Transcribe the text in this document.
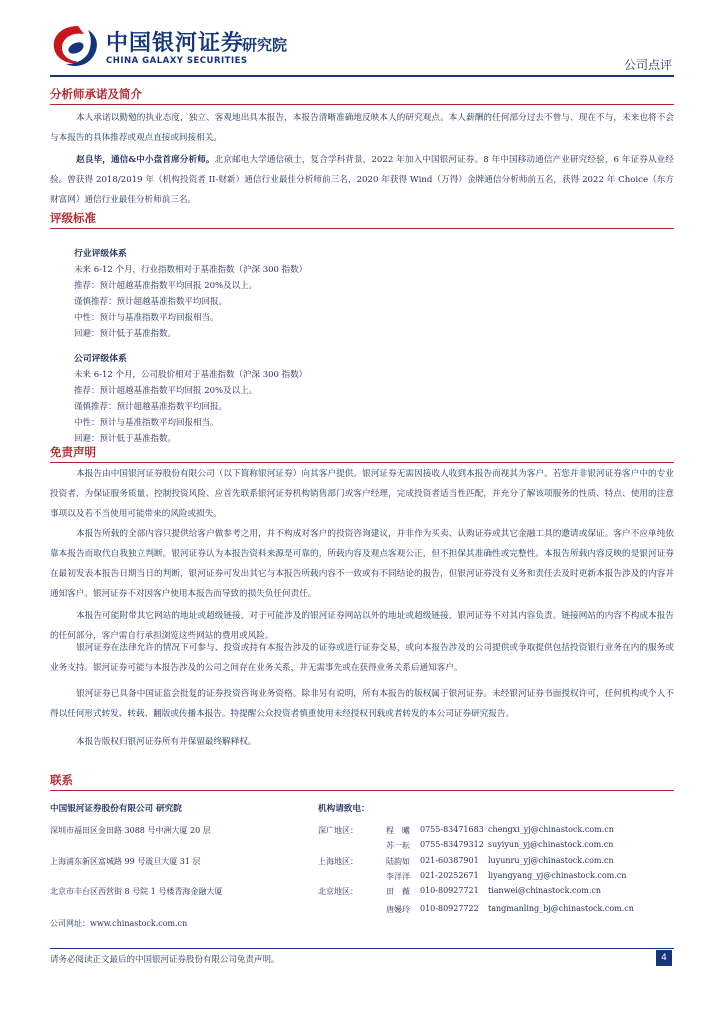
中国银河证券
CHINA GALAXY SECURITIES
研究院
公司点评
分析师承诺及简介
本人承诺以勤勉的执业态度，独立、客观地出具本报告，本报告清晰准确地反映本人的研究观点。本人薪酬的任何部分过去不曾与、现在不与，未来也将不会与本报告的具体推荐或观点直接或间接相关。
赵良毕，通信&中小盘首席分析师。北京邮电大学通信硕士，复合学科背景，2022 年加入中国银河证券。8 年中国移动通信产业研究经验，6 年证券从业经验。曾获得 2018/2019 年（机构投资者 II-财新）通信行业最佳分析师前三名，2020 年获得 Wind（万得）金牌通信分析师前五名，获得 2022 年 Choice（东方财富网）通信行业最佳分析师前三名。
评级标准
行业评级体系
未来 6-12 个月，行业指数相对于基准指数（沪深 300 指数）
推荐：预计超越基准指数平均回报 20%及以上。
谨慎推荐：预计超越基准指数平均回报。
中性：预计与基准指数平均回报相当。
回避：预计低于基准指数。
公司评级体系
未来 6-12 个月，公司股价相对于基准指数（沪深 300 指数）
推荐：预计超越基准指数平均回报 20%及以上。
谨慎推荐：预计超越基准指数平均回报。
中性：预计与基准指数平均回报相当。
回避：预计低于基准指数。
免责声明
本报告由中国银河证券股份有限公司（以下简称银河证券）向其客户提供。银河证券无需因接收人收到本报告而视其为客户。若您并非银河证券客户中的专业投资者，为保证服务质量、控制投资风险、应首先联系银河证券机构销售部门或客户经理，完成投资者适当性匹配，并充分了解该项服务的性质、特点、使用的注意事项以及若不当使用可能带来的风险或损失。
本报告所载的全部内容只提供给客户做参考之用，并不构成对客户的投资咨询建议，并非作为买卖、认购证券或其它金融工具的邀请或保证。客户不应单纯依靠本报告而取代自我独立判断。银河证券认为本报告资料来源是可靠的，所载内容及观点客观公正，但不担保其准确性或完整性。本报告所载内容反映的是银河证券在最初发表本报告日期当日的判断，银河证券可发出其它与本报告所载内容不一致或有不同结论的报告，但银河证券没有义务和责任去及时更新本报告涉及的内容并通知客户。银河证券不对因客户使用本报告而导致的损失负任何责任。
本报告可能附带其它网站的地址或超级链接，对于可能涉及的银河证券网站以外的地址或超级链接，银河证券不对其内容负责。链接网站的内容不构成本报告的任何部分，客户需自行承担浏览这些网站的费用或风险。
银河证券在法律允许的情况下可参与、投资或持有本报告涉及的证券或进行证券交易，或向本报告涉及的公司提供或争取提供包括投资银行业务在内的服务或业务支持。银河证券可能与本报告涉及的公司之间存在业务关系，并无需事先或在获得业务关系后通知客户。
银河证券已具备中国证监会批复的证券投资咨询业务资格。除非另有说明，所有本报告的版权属于银河证券。未经银河证券书面授权许可，任何机构或个人不得以任何形式转发、转载、翻版或传播本报告。特提醒公众投资者慎重使用未经授权刊载或者转发的本公司证券研究报告。
本报告版权归银河证券所有并保留最终解释权。
联系
中国银河证券股份有限公司 研究院	机构请致电：
深圳市福田区金田路 3088 号中洲大厦 20 层
上海浦东新区富城路 99 号震旦大厦 31 层
北京市丰台区西营街 8 号院 1 号楼青海金融大厦
深广地区：
上海地区：
北京地区：
程　曦 0755-83471683 chengxi_yj@chinastock.com.cn
苏一耘 0755-83479312 suyiyun_yj@chinastock.com.cn
陆韵如 021-60387901 luyunru_yj@chinastock.com.cn
李洋洋 021-20252671 liyangyang_yj@chinastock.com.cn
田　薇 010-80927721 tianwei@chinastock.com.cn
唐嫚玲 010-80927722 tangmanling_bj@chinastock.com.cn
公司网址：www.chinastock.com.cn
请务必阅读正文最后的中国银河证券股份有限公司免责声明。	4
